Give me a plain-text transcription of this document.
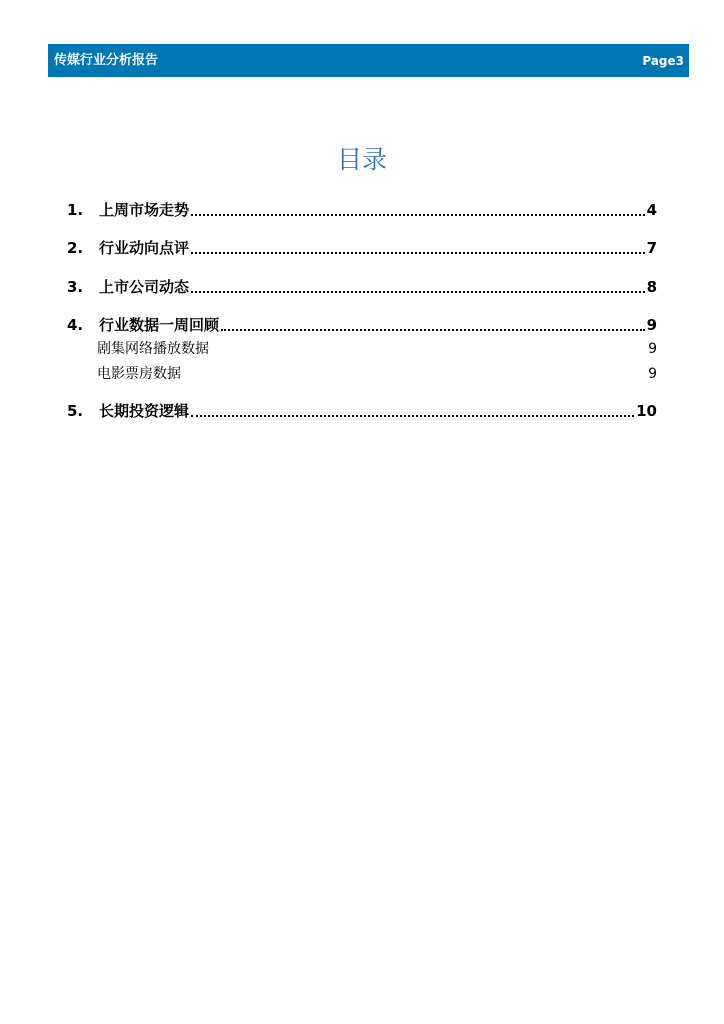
传媒行业分析报告	Page3
目录
1.	上周市场走势	4
2.	行业动向点评	7
3.	上市公司动态	8
4.	行业数据一周回顾	9
剧集网络播放数据	9
电影票房数据	9
5.	长期投资逻辑	10
